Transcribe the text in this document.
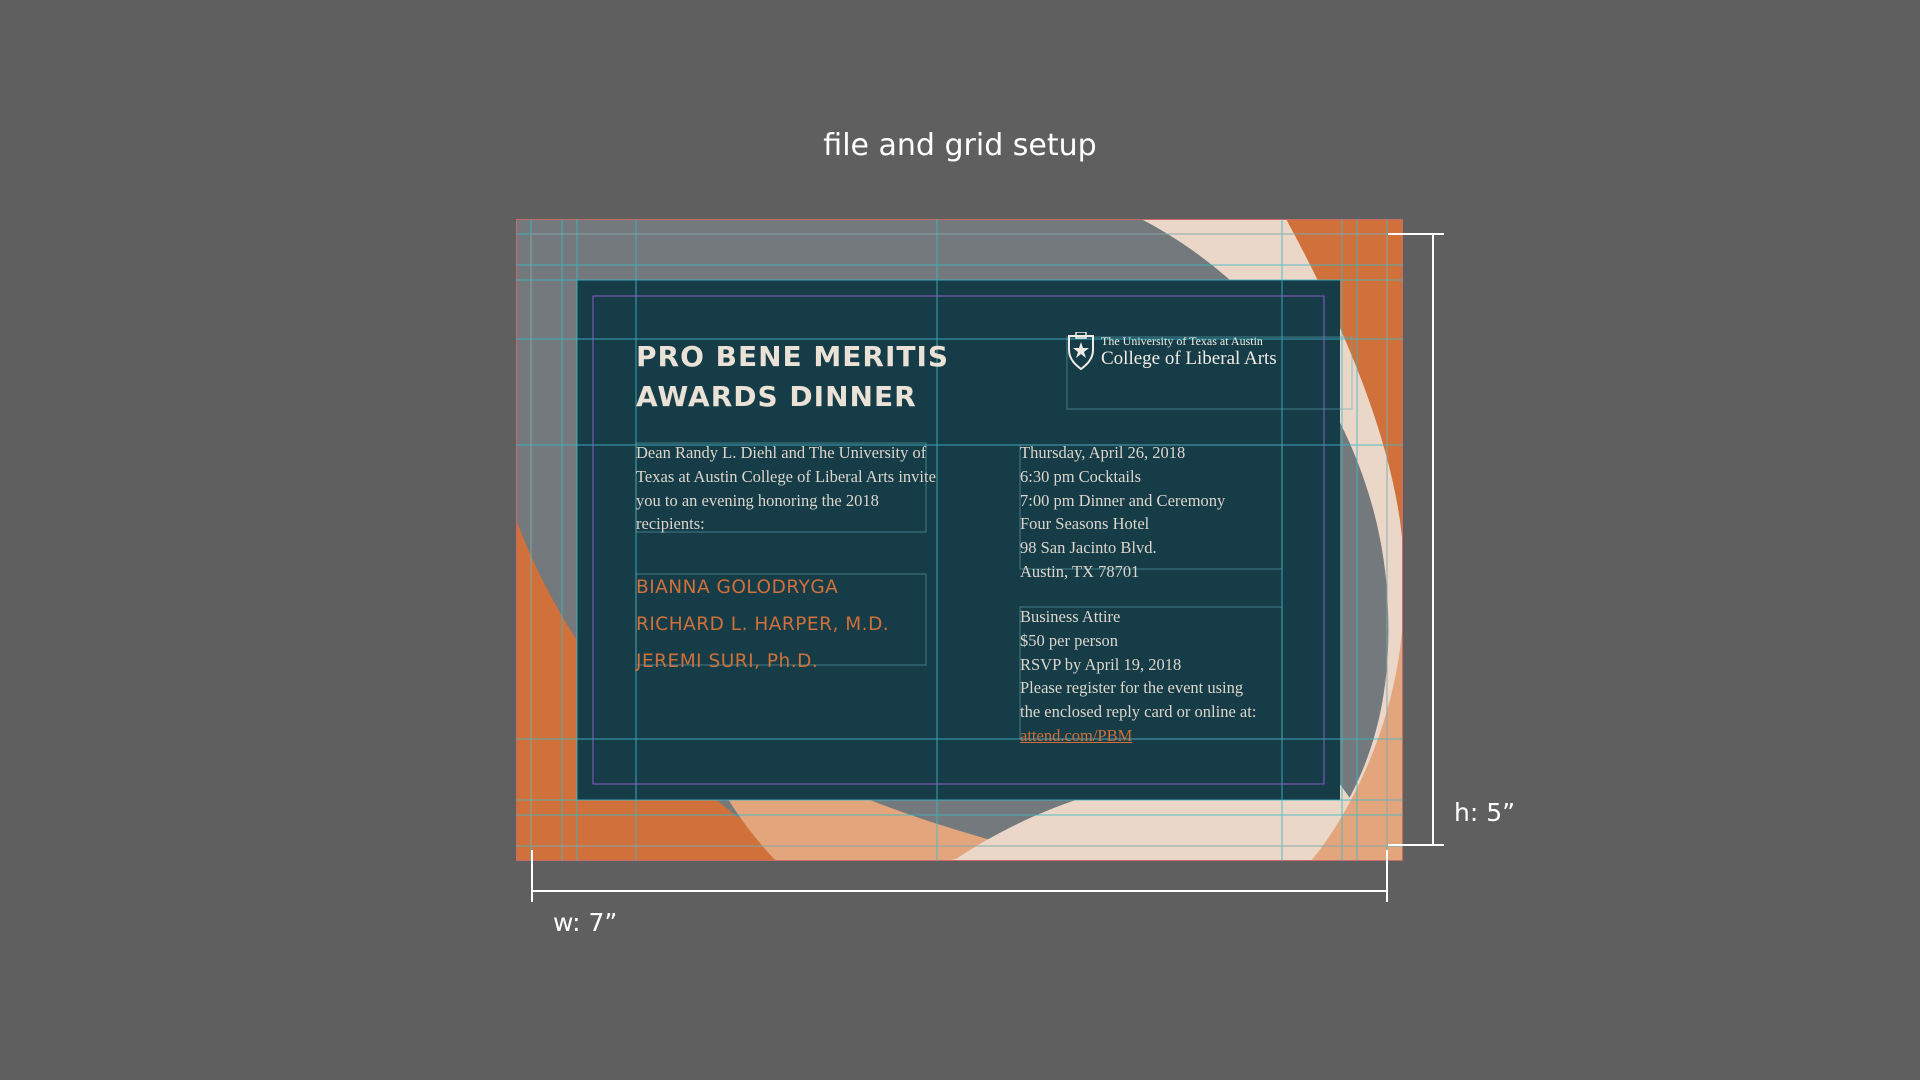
file and grid setup
PRO BENE MERITIS
AWARDS DINNER
The University of Texas at Austin
College of Liberal Arts

Dean Randy L. Diehl and The University of Texas at Austin College of Liberal Arts invite you to an evening honoring the 2018 recipients:

BIANNA GOLODRYGA
RICHARD L. HARPER, M.D.
JEREMI SURI, Ph.D.
Thursday, April 26, 2018
6:30 pm Cocktails
7:00 pm Dinner and Ceremony
Four Seasons Hotel
98 San Jacinto Blvd.
Austin, TX 78701
Business Attire
$50 per person
RSVP by April 19, 2018
Please register for the event using
the enclosed reply card or online at:
attend.com/PBM
w: 7”
h: 5”
